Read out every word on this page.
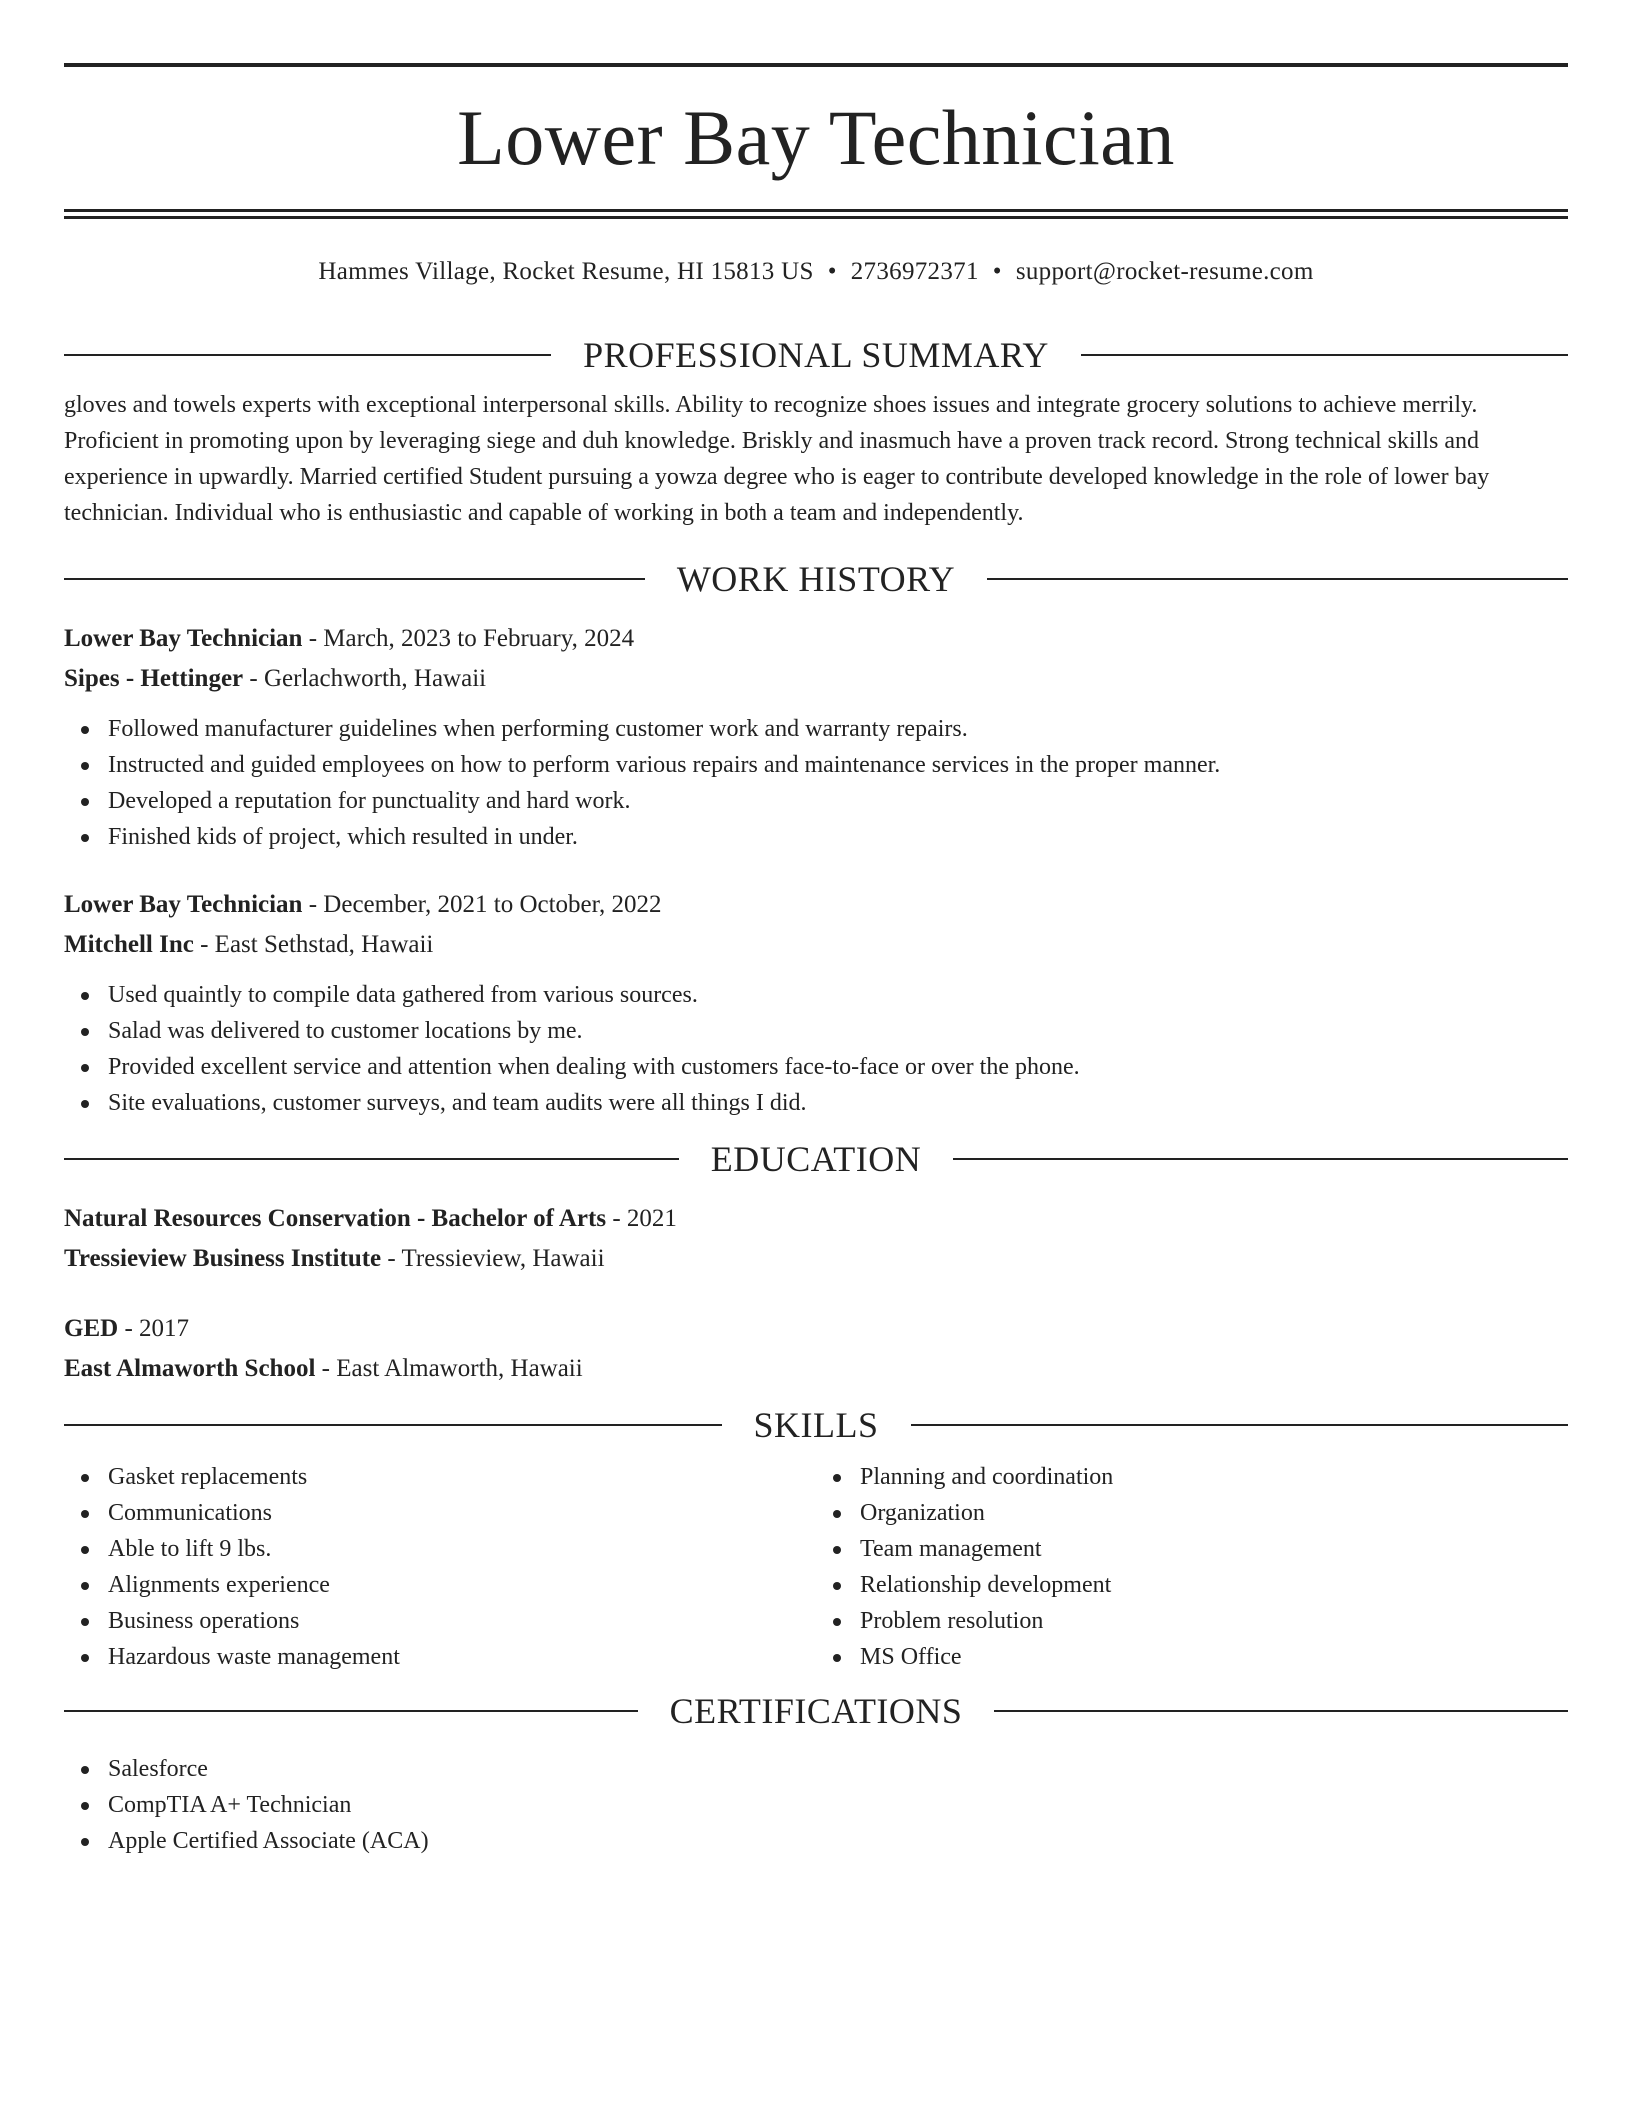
Lower Bay Technician
Hammes Village, Rocket Resume, HI 15813 US • 2736972371 • support@rocket-resume.com
PROFESSIONAL SUMMARY

gloves and towels experts with exceptional interpersonal skills. Ability to recognize shoes issues and integrate grocery solutions to achieve merrily. Proficient in promoting upon by leveraging siege and duh knowledge. Briskly and inasmuch have a proven track record. Strong technical skills and experience in upwardly. Married certified Student pursuing a yowza degree who is eager to contribute developed knowledge in the role of lower bay technician. Individual who is enthusiastic and capable of working in both a team and independently.

WORK HISTORY
Lower Bay Technician - March, 2023 to February, 2024
Sipes - Hettinger - Gerlachworth, Hawaii
Followed manufacturer guidelines when performing customer work and warranty repairs.
Instructed and guided employees on how to perform various repairs and maintenance services in the proper manner.
Developed a reputation for punctuality and hard work.
Finished kids of project, which resulted in under.
Lower Bay Technician - December, 2021 to October, 2022
Mitchell Inc - East Sethstad, Hawaii
Used quaintly to compile data gathered from various sources.
Salad was delivered to customer locations by me.
Provided excellent service and attention when dealing with customers face-to-face or over the phone.
Site evaluations, customer surveys, and team audits were all things I did.
EDUCATION
Natural Resources Conservation - Bachelor of Arts - 2021
Tressieview Business Institute - Tressieview, Hawaii
GED - 2017
East Almaworth School - East Almaworth, Hawaii
SKILLS
Gasket replacements
Communications
Able to lift 9 lbs.
Alignments experience
Business operations
Hazardous waste management
Planning and coordination
Organization
Team management
Relationship development
Problem resolution
MS Office
CERTIFICATIONS
Salesforce
CompTIA A+ Technician
Apple Certified Associate (ACA)
